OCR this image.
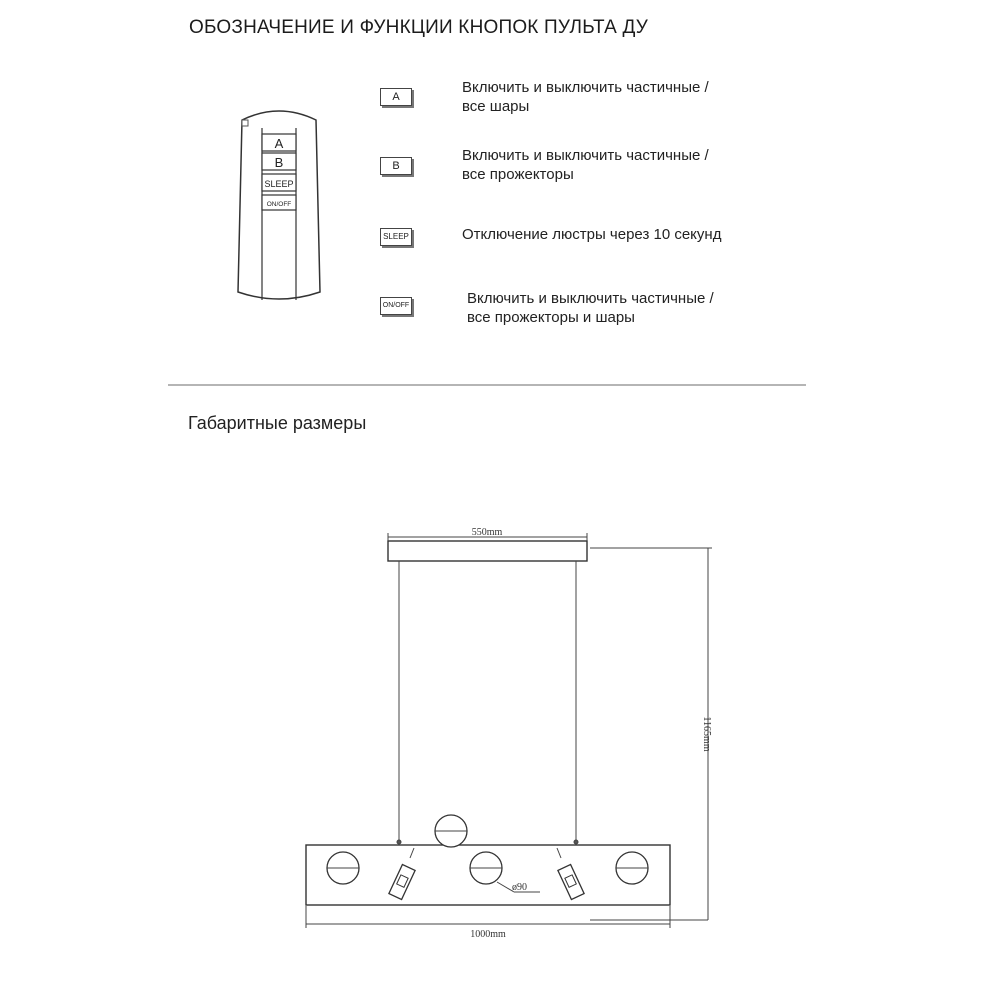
ОБОЗНАЧЕНИЕ И ФУНКЦИИ КНОПОК ПУЛЬТА ДУ
A
B
SLEEP
ON/OFF
A
Включить и выключить частичные /
все шары
B
Включить и выключить частичные /
все прожекторы
SLEEP	Отключение люстры через 10 секунд
ON/OFF	Включить и выключить частичные /
все прожекторы и шары
Габаритные размеры
550mm
1165mm
ø90
1000mm
